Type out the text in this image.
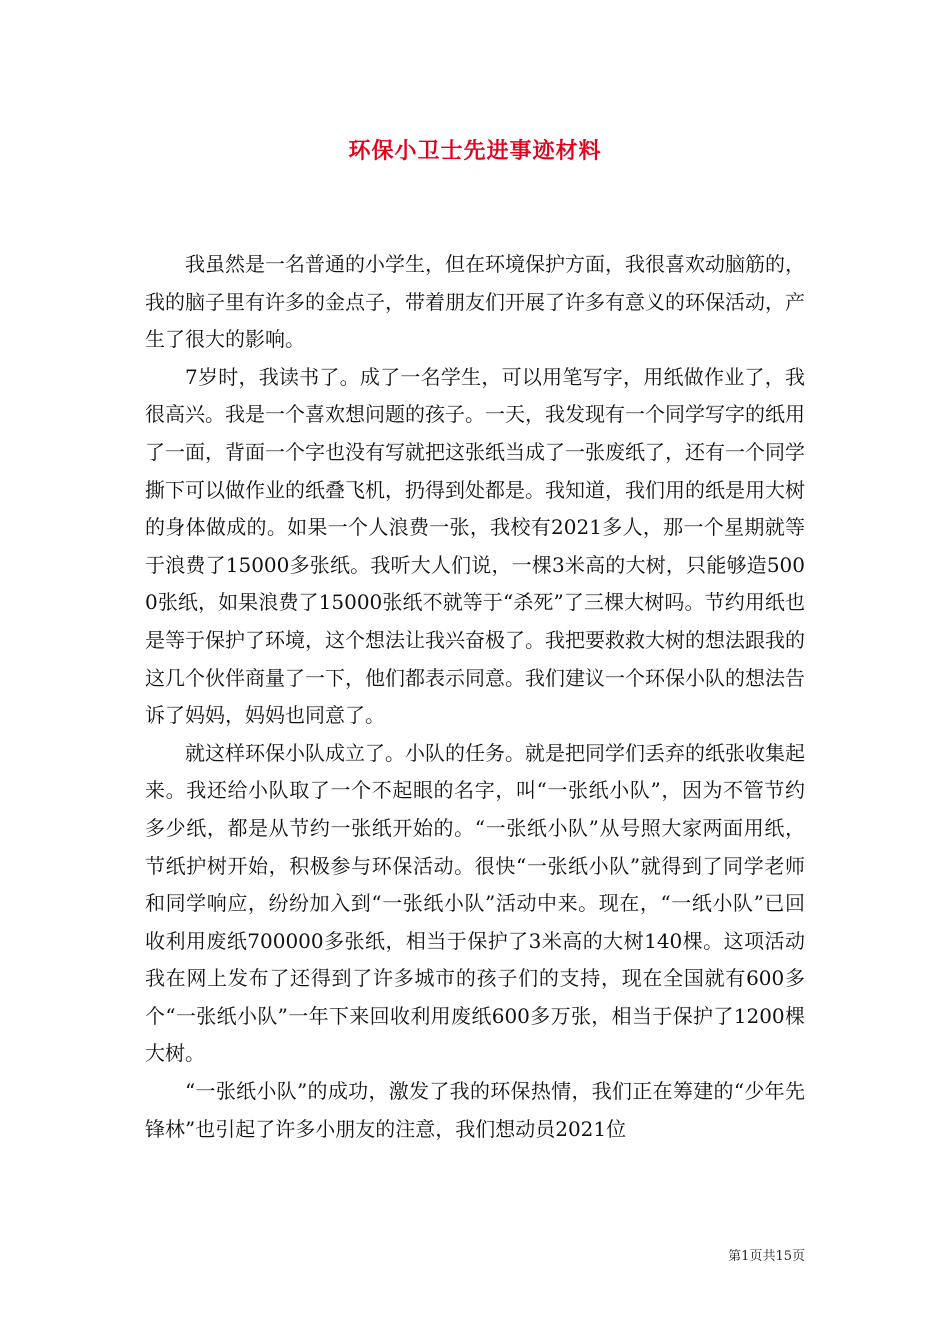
环保小卫士先进事迹材料

我虽然是一名普通的小学生，但在环境保护方面，我很喜欢动脑筋的，我的脑子里有许多的金点子，带着朋友们开展了许多有意义的环保活动，产生了很大的影响。

7岁时，我读书了。成了一名学生，可以用笔写字，用纸做作业了，我很高兴。我是一个喜欢想问题的孩子。一天，我发现有一个同学写字的纸用了一面，背面一个字也没有写就把这张纸当成了一张废纸了，还有一个同学撕下可以做作业的纸叠飞机，扔得到处都是。我知道，我们用的纸是用大树的身体做成的。如果一个人浪费一张，我校有2021多人，那一个星期就等于浪费了15000多张纸。我听大人们说，一棵3米高的大树，只能够造5000张纸，如果浪费了15000张纸不就等于“杀死”了三棵大树吗。节约用纸也是等于保护了环境，这个想法让我兴奋极了。我把要救救大树的想法跟我的这几个伙伴商量了一下，他们都表示同意。我们建议一个环保小队的想法告诉了妈妈，妈妈也同意了。

就这样环保小队成立了。小队的任务。就是把同学们丢弃的纸张收集起来。我还给小队取了一个不起眼的名字，叫“一张纸小队”，因为不管节约多少纸，都是从节约一张纸开始的。“一张纸小队”从号照大家两面用纸，节纸护树开始，积极参与环保活动。很快“一张纸小队”就得到了同学老师和同学响应，纷纷加入到“一张纸小队”活动中来。现在，“一纸小队”已回收利用废纸700000多张纸，相当于保护了3米高的大树140棵。这项活动我在网上发布了还得到了许多城市的孩子们的支持，现在全国就有600多个“一张纸小队”一年下来回收利用废纸600多万张，相当于保护了1200棵大树。

“一张纸小队”的成功，激发了我的环保热情，我们正在筹建的“少年先锋林”也引起了许多小朋友的注意，我们想动员2021位

第1页共15页
